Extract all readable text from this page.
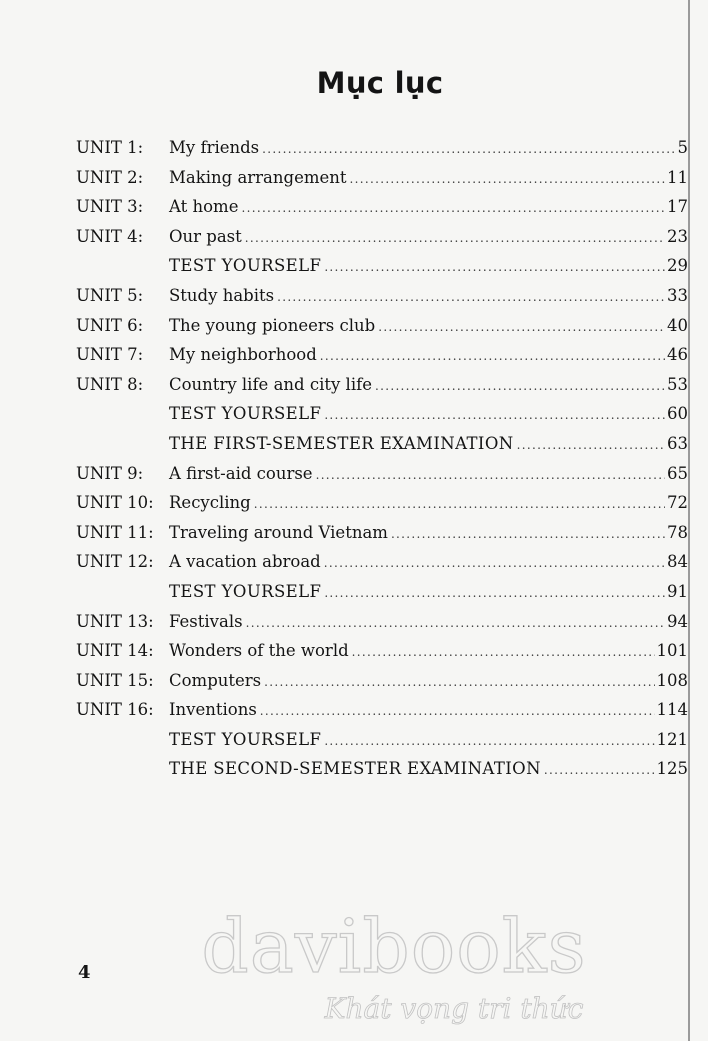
Mục lục
UNIT 1:	My friends .....	5
UNIT 2:	Making arrangement .....	11
UNIT 3:	At home .....	17
UNIT 4:	Our past .....	23
TEST YOURSELF .....	29
UNIT 5:	Study habits .....	33
UNIT 6:	The young pioneers club .....	40
UNIT 7:	My neighborhood .....	46
UNIT 8:	Country life and city life .....	53
TEST YOURSELF .....	60
THE FIRST-SEMESTER EXAMINATION .....	63
UNIT 9:	A first-aid course .....	65
UNIT 10: Recycling .....	72
UNIT 11: Traveling around Vietnam .....	78
UNIT 12: A vacation abroad .....	84
TEST YOURSELF .....	91
UNIT 13: Festivals .....	94
UNIT 14: Wonders of the world .....	101
UNIT 15: Computers .....	108
UNIT 16: Inventions .....	114
TEST YOURSELF .....	121
THE SECOND-SEMESTER EXAMINATION .....	125
4	davibooks
Khát vọng tri thức
